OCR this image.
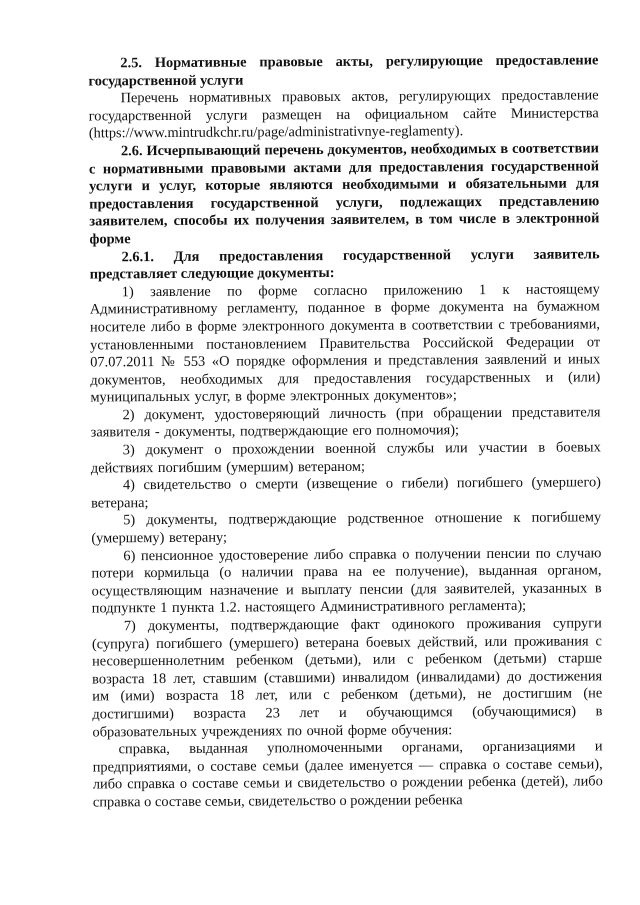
2.5. Нормативные правовые акты, регулирующие предоставление государственной услуги

Перечень нормативных правовых актов, регулирующих предоставление государственной услуги размещен на официальном сайте Министерства (https://www.mintrudkchr.ru/page/administrativnye-reglamenty).

2.6. Исчерпывающий перечень документов, необходимых в соответствии с нормативными правовыми актами для предоставления государственной услуги и услуг, которые являются необходимыми и обязательными для предоставления государственной услуги, подлежащих представлению заявителем, способы их получения заявителем, в том числе в электронной форме

2.6.1. Для предоставления государственной услуги заявитель представляет следующие документы:

1) заявление по форме согласно приложению 1 к настоящему Административному регламенту, поданное в форме документа на бумажном носителе либо в форме электронного документа в соответствии с требованиями, установленными постановлением Правительства Российской Федерации от 07.07.2011 № 553 «О порядке оформления и представления заявлений и иных документов, необходимых для предоставления государственных и (или) муниципальных услуг, в форме электронных документов»;

2) документ, удостоверяющий личность (при обращении представителя заявителя - документы, подтверждающие его полномочия);

3) документ о прохождении военной службы или участии в боевых действиях погибшим (умершим) ветераном;

4) свидетельство о смерти (извещение о гибели) погибшего (умершего) ветерана;

5) документы, подтверждающие родственное отношение к погибшему (умершему) ветерану;

6) пенсионное удостоверение либо справка о получении пенсии по случаю потери кормильца (о наличии права на ее получение), выданная органом, осуществляющим назначение и выплату пенсии (для заявителей, указанных в подпункте 1 пункта 1.2. настоящего Административного регламента);

7) документы, подтверждающие факт одинокого проживания супруги (супруга) погибшего (умершего) ветерана боевых действий, или проживания с несовершеннолетним ребенком (детьми), или с ребенком (детьми) старше возраста 18 лет, ставшим (ставшими) инвалидом (инвалидами) до достижения им (ими) возраста 18 лет, или с ребенком (детьми), не достигшим (не достигшими) возраста 23 лет и обучающимся (обучающимися) в образовательных учреждениях по очной форме обучения:

справка, выданная уполномоченными органами, организациями и предприятиями, о составе семьи (далее именуется — справка о составе семьи), либо справка о составе семьи и свидетельство о рождении ребенка (детей), либо справка о составе семьи, свидетельство о рождении ребенка
